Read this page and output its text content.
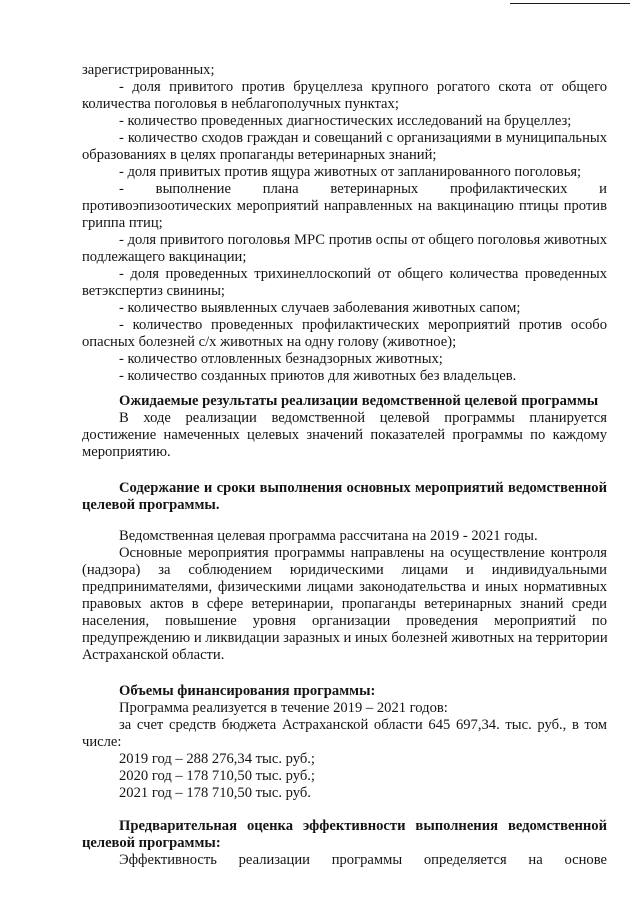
зарегистрированных;
- доля привитого против бруцеллеза крупного рогатого скота от общего
количества поголовья в неблагополучных пунктах;
- количество проведенных диагностических исследований на бруцеллез;
- количество сходов граждан и совещаний с организациями в муниципальных
образованиях в целях пропаганды ветеринарных знаний;
- доля привитых против ящура животных от запланированного поголовья;
- выполнение плана ветеринарных профилактических и
противоэпизоотических мероприятий направленных на вакцинацию птицы против
гриппа птиц;
- доля привитого поголовья МРС против оспы от общего поголовья животных
подлежащего вакцинации;
- доля проведенных трихинеллоскопий от общего количества проведенных
ветэкспертиз свинины;
- количество выявленных случаев заболевания животных сапом;
- количество проведенных профилактических мероприятий против особо
опасных болезней с/х животных на одну голову (животное);
- количество отловленных безнадзорных животных;
- количество созданных приютов для животных без владельцев.
Ожидаемые результаты реализации ведомственной целевой программы
В ходе реализации ведомственной целевой программы планируется
достижение намеченных целевых значений показателей программы по каждому
мероприятию.
Содержание и сроки выполнения основных мероприятий ведомственной
целевой программы.
Ведомственная целевая программа рассчитана на 2019 - 2021 годы.
Основные мероприятия программы направлены на осуществление контроля
(надзора) за соблюдением юридическими лицами и индивидуальными
предпринимателями, физическими лицами законодательства и иных нормативных
правовых актов в сфере ветеринарии, пропаганды ветеринарных знаний среди
населения, повышение уровня организации проведения мероприятий по
предупреждению и ликвидации заразных и иных болезней животных на территории
Астраханской области.
Объемы финансирования программы:
Программа реализуется в течение 2019 – 2021 годов:
за счет средств бюджета Астраханской области 645 697,34. тыс. руб., в том
числе:
2019 год – 288 276,34 тыс. руб.;
2020 год – 178 710,50 тыс. руб.;
2021 год – 178 710,50 тыс. руб.
Предварительная оценка эффективности выполнения ведомственной
целевой программы:
Эффективность реализации программы определяется на основе
